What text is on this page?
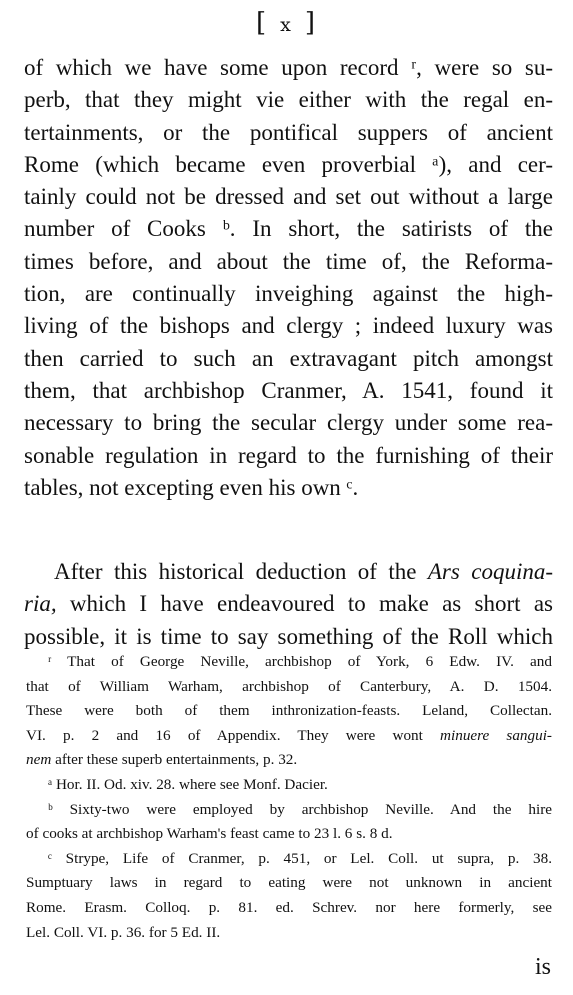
[ x ]
of which we have some upon record ʳ, were so su-
perb, that they might vie either with the regal en-
tertainments, or the pontifical suppers of ancient
Rome (which became even proverbial ᵃ), and cer-
tainly could not be dressed and set out without a large
number of Cooks ᵇ. In short, the satirists of the
times before, and about the time of, the Reforma-
tion, are continually inveighing against the high-
living of the bishops and clergy ; indeed luxury was
then carried to such an extravagant pitch amongst
them, that archbishop Cranmer, A. 1541, found it
necessary to bring the secular clergy under some rea-
sonable regulation in regard to the furnishing of their
tables, not excepting even his own ᶜ.
After this historical deduction of the Ars coquina-
ria, which I have endeavoured to make as short as
possible, it is time to say something of the Roll which
ʳ That of George Neville, archbishop of York, 6 Edw. IV. and
that of William Warham, archbishop of Canterbury, A. D. 1504.
These were both of them inthronization-feasts. Leland, Collectan.
VI. p. 2 and 16 of Appendix. They were wont minuere sangui-
nem after these superb entertainments, p. 32.
ᵃ Hor. II. Od. xiv. 28. where see Monf. Dacier.
ᵇ Sixty-two were employed by archbishop Neville. And the hire
of cooks at archbishop Warham's feast came to 23 l. 6 s. 8 d.
ᶜ Strype, Life of Cranmer, p. 451, or Lel. Coll. ut supra, p. 38.
Sumptuary laws in regard to eating were not unknown in ancient
Rome. Erasm. Colloq. p. 81. ed. Schrev. nor here formerly, see
Lel. Coll. VI. p. 36. for 5 Ed. II.
is
